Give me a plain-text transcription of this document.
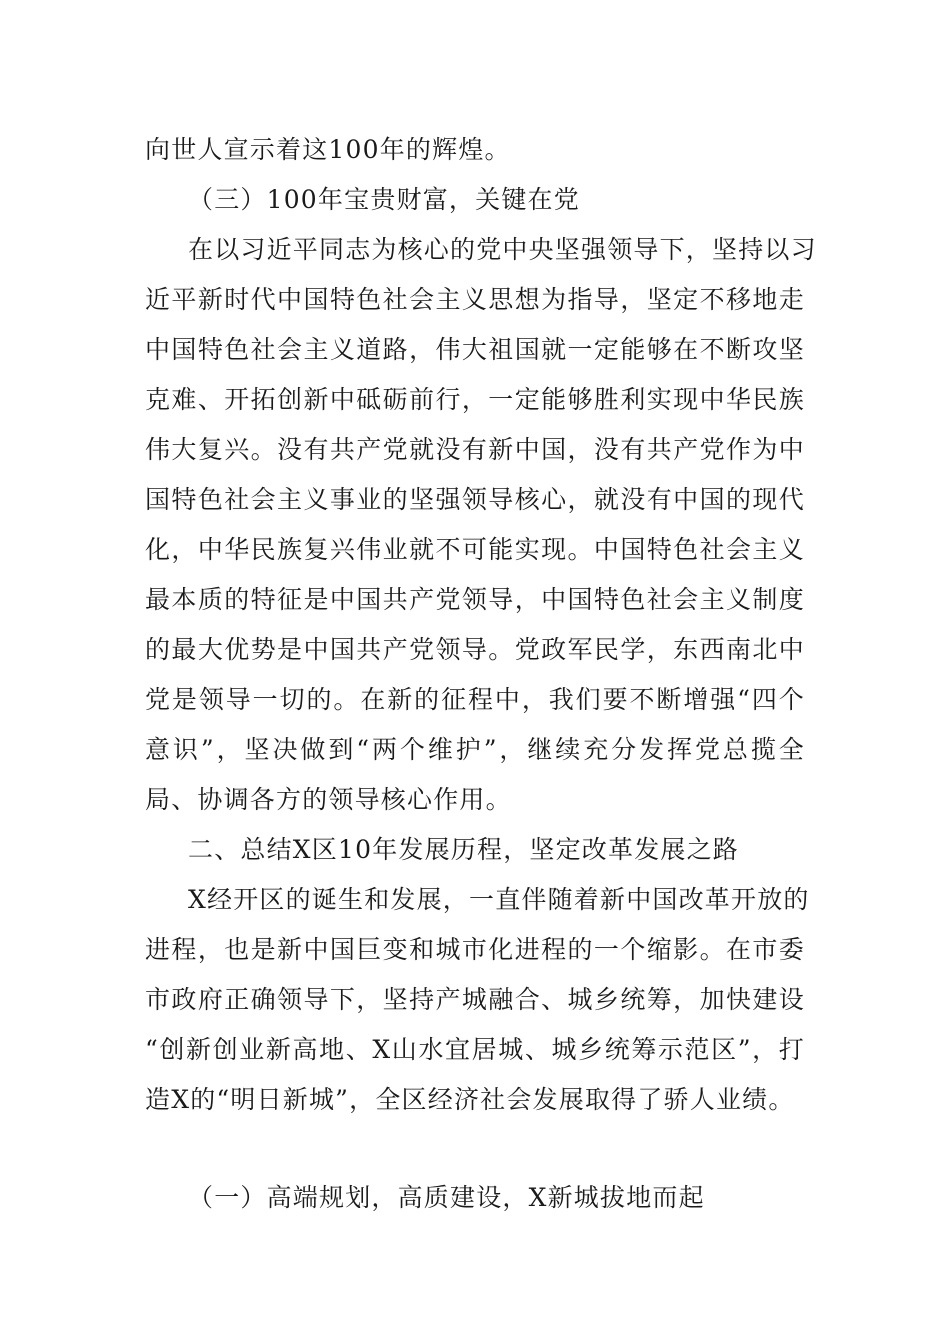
向世人宣示着这100年的辉煌。
（三）100年宝贵财富，关键在党
在以习近平同志为核心的党中央坚强领导下，坚持以习
近平新时代中国特色社会主义思想为指导，坚定不移地走
中国特色社会主义道路，伟大祖国就一定能够在不断攻坚
克难、开拓创新中砥砺前行，一定能够胜利实现中华民族
伟大复兴。没有共产党就没有新中国，没有共产党作为中
国特色社会主义事业的坚强领导核心，就没有中国的现代
化，中华民族复兴伟业就不可能实现。中国特色社会主义
最本质的特征是中国共产党领导，中国特色社会主义制度
的最大优势是中国共产党领导。党政军民学，东西南北中
党是领导一切的。在新的征程中，我们要不断增强“四个
意识”，坚决做到“两个维护”，继续充分发挥党总揽全
局、协调各方的领导核心作用。
二、总结X区10年发展历程，坚定改革发展之路
X经开区的诞生和发展，一直伴随着新中国改革开放的
进程，也是新中国巨变和城市化进程的一个缩影。在市委
市政府正确领导下，坚持产城融合、城乡统筹，加快建设
“创新创业新高地、X山水宜居城、城乡统筹示范区”，打
造X的“明日新城”，全区经济社会发展取得了骄人业绩。
（一）高端规划，高质建设，X新城拔地而起
